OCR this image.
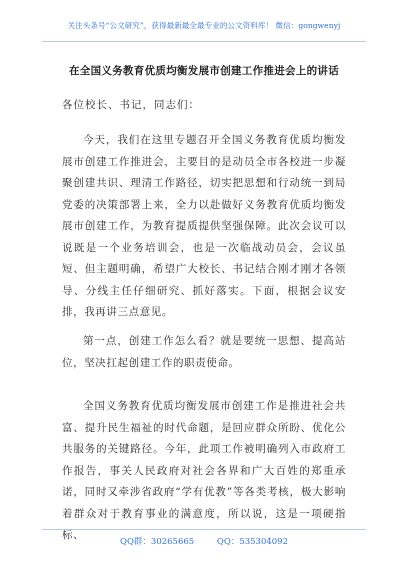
关注头条号“公文研究”，获得最新最全最专业的公文资料库！ 微信：gongwenyj
在全国义务教育优质均衡发展市创建工作推进会上的讲话
各位校长、书记，同志们：

今天，我们在这里专题召开全国义务教育优质均衡发展市创建工作推进会，主要目的是动员全市各校进一步凝聚创建共识、理清工作路径，切实把思想和行动统一到局党委的决策部署上来，全力以赴做好义务教育优质均衡发展市创建工作，为教育提质提供坚强保障。此次会议可以说既是一个业务培训会，也是一次临战动员会，会议虽短、但主题明确，希望广大校长、书记结合刚才刚才各领导、分线主任仔细研究、抓好落实。下面，根据会议安排，我再讲三点意见。

第一点，创建工作怎么看？就是要统一思想、提高站位，坚决扛起创建工作的职责使命。

全国义务教育优质均衡发展市创建工作是推进社会共富、提升民生福祉的时代命题，是回应群众所盼、优化公共服务的关键路径。今年，此项工作被明确列入市政府工作报告，事关人民政府对社会各界和广大百姓的郑重承诺，同时又牵涉省政府“学有优教”等各类考核，极大影响着群众对于教育事业的满意度，所以说，这是一项硬指标、

QQ群：30265665	QQ：535304092
